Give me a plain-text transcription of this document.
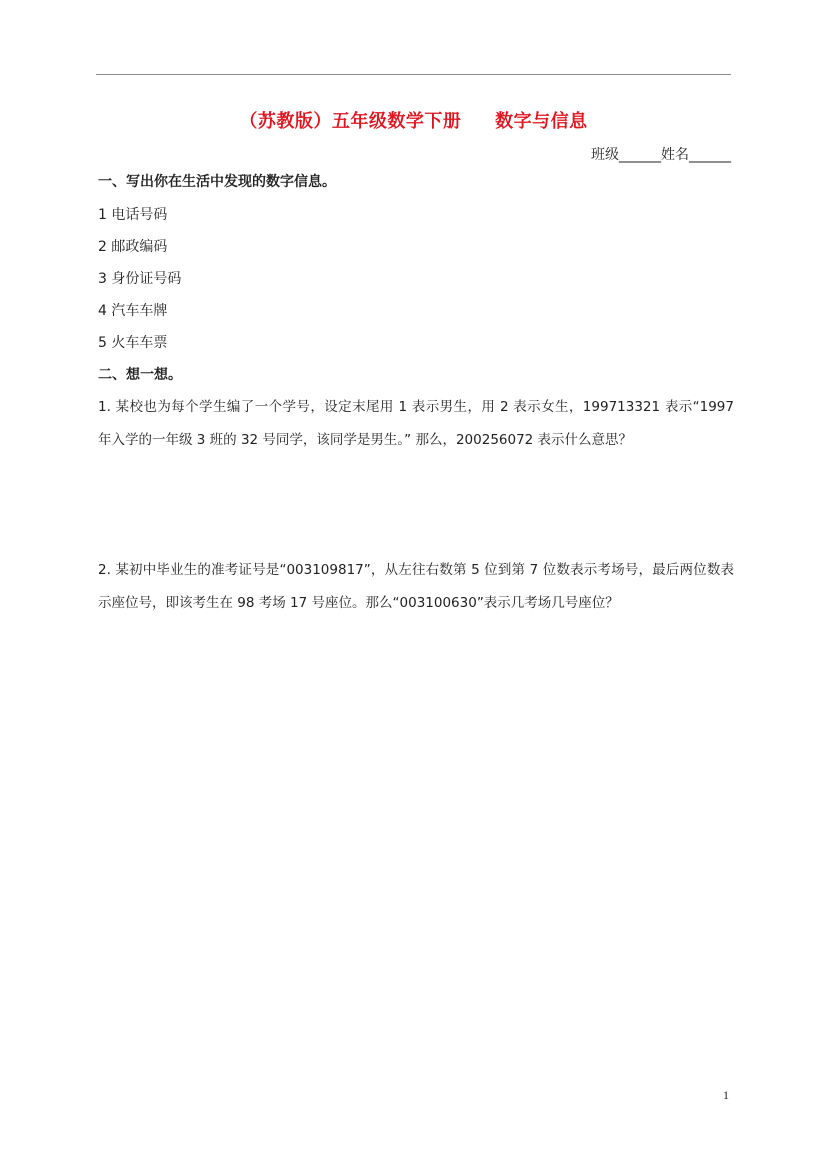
（苏教版）五年级数学下册     数字与信息
班级______姓名______
一、写出你在生活中发现的数字信息。
1 电话号码
2 邮政编码
3 身份证号码
4 汽车车牌
5 火车车票
二、想一想。
1. 某校也为每个学生编了一个学号，设定末尾用 1 表示男生，用 2 表示女生，199713321 表示“1997 年入学的一年级 3 班的 32 号同学，该同学是男生。” 那么，200256072 表示什么意思？
2. 某初中毕业生的准考证号是“003109817”，从左往右数第 5 位到第 7 位数表示考场号，最后两位数表示座位号，即该考生在 98 考场 17 号座位。那么“003100630”表示几考场几号座位？
1
